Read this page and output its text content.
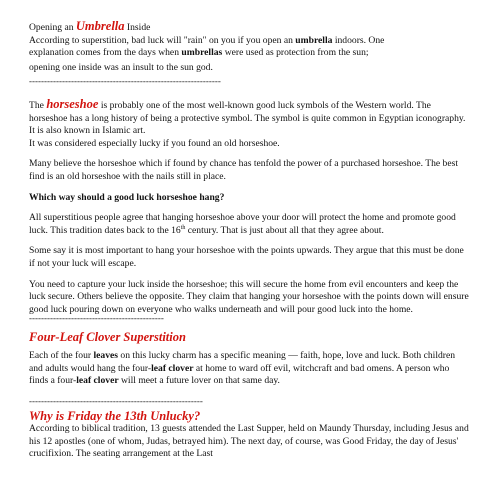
Opening an Umbrella Inside

According to superstition, bad luck will "rain" on you if you open an umbrella indoors. One

explanation comes from the days when umbrellas were used as protection from the sun;

opening one inside was an insult to the sun god.

----------------------------------------------------------------

The horseshoe is probably one of the most well-known good luck symbols of the Western world. The horseshoe has a long history of being a protective symbol. The symbol is quite common in Egyptian iconography. It is also known in Islamic art.

It was considered especially lucky if you found an old horseshoe.

Many believe the horseshoe which if found by chance has tenfold the power of a purchased horseshoe. The best find is an old horseshoe with the nails still in place.

Which way should a good luck horseshoe hang?

All superstitious people agree that hanging horseshoe above your door will protect the home and promote good luck. This tradition dates back to the 16th century. That is just about all that they agree about.

Some say it is most important to hang your horseshoe with the points upwards. They argue that this must be done if not your luck will escape.

You need to capture your luck inside the horseshoe; this will secure the home from evil encounters and keep the luck secure. Others believe the opposite. They claim that hanging your horseshoe with the points down will ensure good luck pouring down on everyone who walks underneath and will pour good luck into the home.

---------------------------------------------

Four-Leaf Clover Superstition

Each of the four leaves on this lucky charm has a specific meaning — faith, hope, love and luck. Both children and adults would hang the four-leaf clover at home to ward off evil, witchcraft and bad omens. A person who finds a four-leaf clover will meet a future lover on that same day.

----------------------------------------------------------

Why is Friday the 13th Unlucky?

According to biblical tradition, 13 guests attended the Last Supper, held on Maundy Thursday, including Jesus and his 12 apostles (one of whom, Judas, betrayed him). The next day, of course, was Good Friday, the day of Jesus' crucifixion. The seating arrangement at the Last
